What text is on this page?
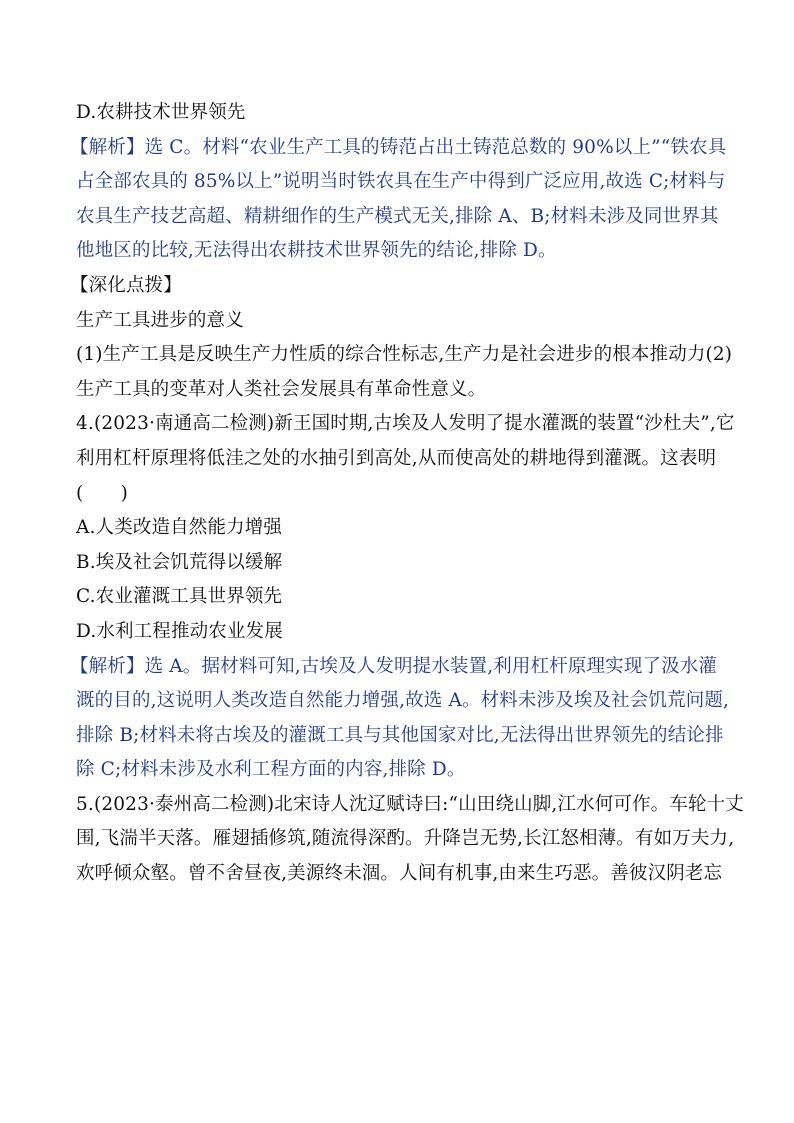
D.农耕技术世界领先
【解析】选 C。材料“农业生产工具的铸范占出土铸范总数的 90%以上”“铁农具
占全部农具的 85%以上”说明当时铁农具在生产中得到广泛应用,故选 C;材料与
农具生产技艺高超、精耕细作的生产模式无关,排除 A、B;材料未涉及同世界其
他地区的比较,无法得出农耕技术世界领先的结论,排除 D。
【深化点拨】
生产工具进步的意义
(1)生产工具是反映生产力性质的综合性标志,生产力是社会进步的根本推动力(2)
生产工具的变革对人类社会发展具有革命性意义。
4.(2023·南通高二检测)新王国时期,古埃及人发明了提水灌溉的装置“沙杜夫”,它
利用杠杆原理将低洼之处的水抽引到高处,从而使高处的耕地得到灌溉。这表明
(　　)
A.人类改造自然能力增强
B.埃及社会饥荒得以缓解
C.农业灌溉工具世界领先
D.水利工程推动农业发展
【解析】选 A。据材料可知,古埃及人发明提水装置,利用杠杆原理实现了汲水灌
溉的目的,这说明人类改造自然能力增强,故选 A。材料未涉及埃及社会饥荒问题,
排除 B;材料未将古埃及的灌溉工具与其他国家对比,无法得出世界领先的结论排
除 C;材料未涉及水利工程方面的内容,排除 D。
5.(2023·泰州高二检测)北宋诗人沈辽赋诗曰:“山田绕山脚,江水何可作。车轮十丈
围,飞湍半天落。雁翅插修筑,随流得深酌。升降岂无势,长江怒相薄。有如万夫力,
欢呼倾众壑。曾不舍昼夜,美源终未涸。人间有机事,由来生巧恶。善彼汉阴老忘
